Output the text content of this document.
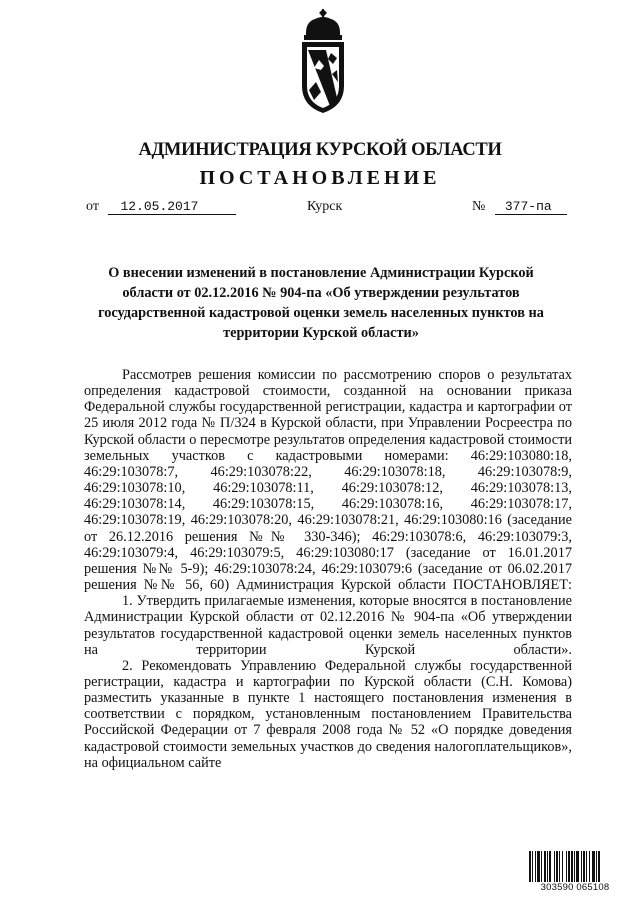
АДМИНИСТРАЦИЯ КУРСКОЙ ОБЛАСТИ
ПОСТАНОВЛЕНИЕ
от 12.05.2017	Курск	№ 377-па
О внесении изменений в постановление Администрации Курской области от 02.12.2016 № 904-па «Об утверждении результатов государственной кадастровой оценки земель населенных пунктов на территории Курской области»

Рассмотрев решения комиссии по рассмотрению споров о результатах определения кадастровой стоимости, созданной на основании приказа Федеральной службы государственной регистрации, кадастра и картографии от 25 июля 2012 года № П/324 в Курской области, при Управлении Росреестра по Курской области о пересмотре результатов определения кадастровой стоимости земельных участков с кадастровыми номерами: 46:29:103080:18, 46:29:103078:7, 46:29:103078:22, 46:29:103078:18, 46:29:103078:9, 46:29:103078:10, 46:29:103078:11, 46:29:103078:12, 46:29:103078:13, 46:29:103078:14, 46:29:103078:15, 46:29:103078:16, 46:29:103078:17, 46:29:103078:19, 46:29:103078:20, 46:29:103078:21, 46:29:103080:16 (заседание от 26.12.2016 решения №№ 330-346); 46:29:103078:6, 46:29:103079:3, 46:29:103079:4, 46:29:103079:5, 46:29:103080:17 (заседание от 16.01.2017 решения №№ 5-9); 46:29:103078:24, 46:29:103079:6 (заседание от 06.02.2017 решения №№ 56, 60) Администрация Курской области ПОСТАНОВЛЯЕТ:

1. Утвердить прилагаемые изменения, которые вносятся в постановление Администрации Курской области от 02.12.2016 № 904-па «Об утверждении результатов государственной кадастровой оценки земель населенных пунктов на территории Курской области».

2. Рекомендовать Управлению Федеральной службы государственной регистрации, кадастра и картографии по Курской области (С.Н. Комова) разместить указанные в пункте 1 настоящего постановления изменения в соответствии с порядком, установленным постановлением Правительства Российской Федерации от 7 февраля 2008 года № 52 «О порядке доведения кадастровой стоимости земельных участков до сведения налогоплательщиков», на официальном сайте

303590 065108
